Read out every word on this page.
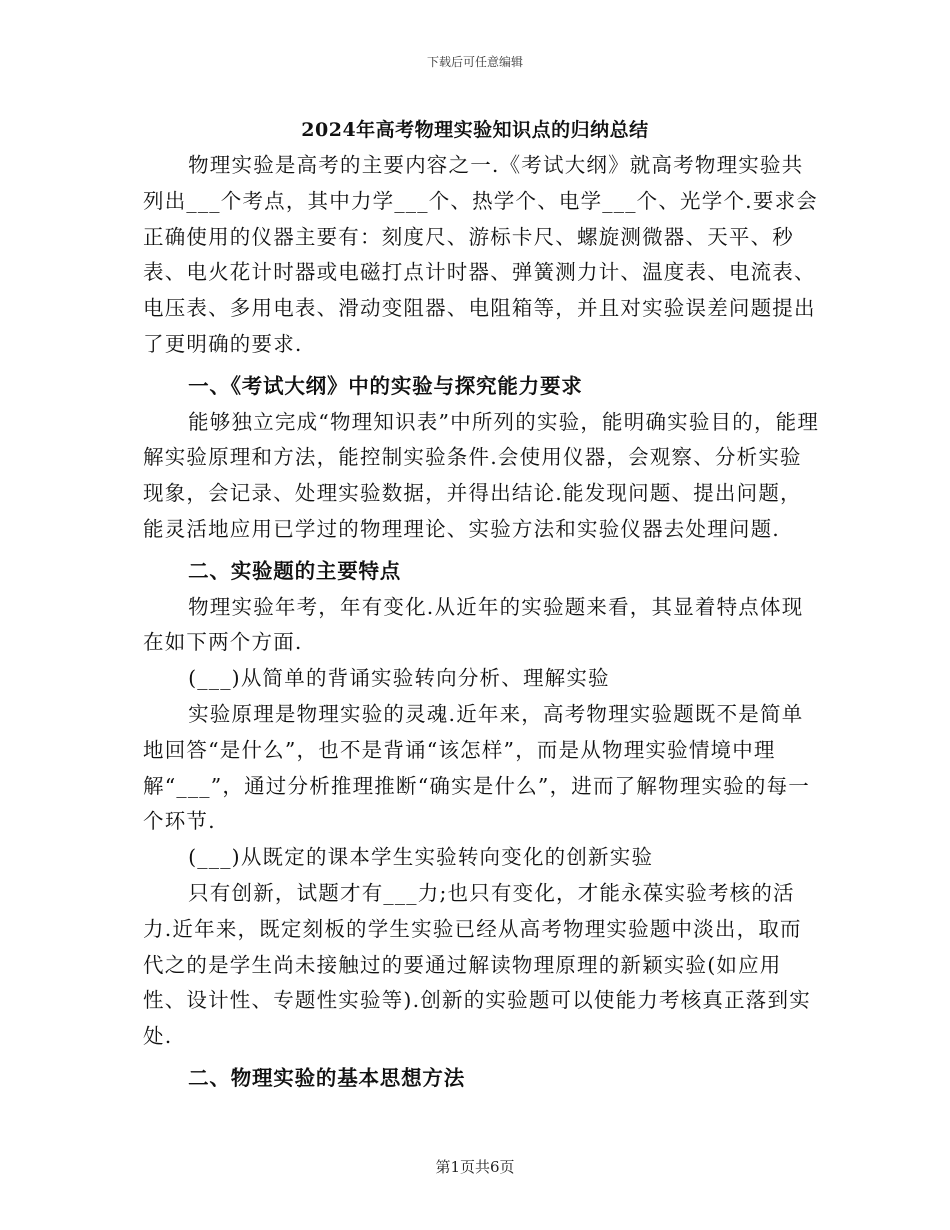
下载后可任意编辑
2024年高考物理实验知识点的归纳总结

物理实验是高考的主要内容之一.《考试大纲》就高考物理实验共列出___个考点，其中力学___个、热学个、电学___个、光学个.要求会正确使用的仪器主要有：刻度尺、游标卡尺、螺旋测微器、天平、秒表、电火花计时器或电磁打点计时器、弹簧测力计、温度表、电流表、电压表、多用电表、滑动变阻器、电阻箱等，并且对实验误差问题提出了更明确的要求.

一、《考试大纲》中的实验与探究能力要求

能够独立完成“物理知识表”中所列的实验，能明确实验目的，能理解实验原理和方法，能控制实验条件.会使用仪器，会观察、分析实验现象，会记录、处理实验数据，并得出结论.能发现问题、提出问题，能灵活地应用已学过的物理理论、实验方法和实验仪器去处理问题.

二、实验题的主要特点

物理实验年考，年有变化.从近年的实验题来看，其显着特点体现在如下两个方面.

(___)从简单的背诵实验转向分析、理解实验

实验原理是物理实验的灵魂.近年来，高考物理实验题既不是简单地回答“是什么”，也不是背诵“该怎样”，而是从物理实验情境中理解“___”，通过分析推理推断“确实是什么”，进而了解物理实验的每一个环节.

(___)从既定的课本学生实验转向变化的创新实验

只有创新，试题才有___力;也只有变化，才能永葆实验考核的活力.近年来，既定刻板的学生实验已经从高考物理实验题中淡出，取而代之的是学生尚未接触过的要通过解读物理原理的新颖实验(如应用性、设计性、专题性实验等).创新的实验题可以使能力考核真正落到实处.

二、物理实验的基本思想方法

第1页共6页
